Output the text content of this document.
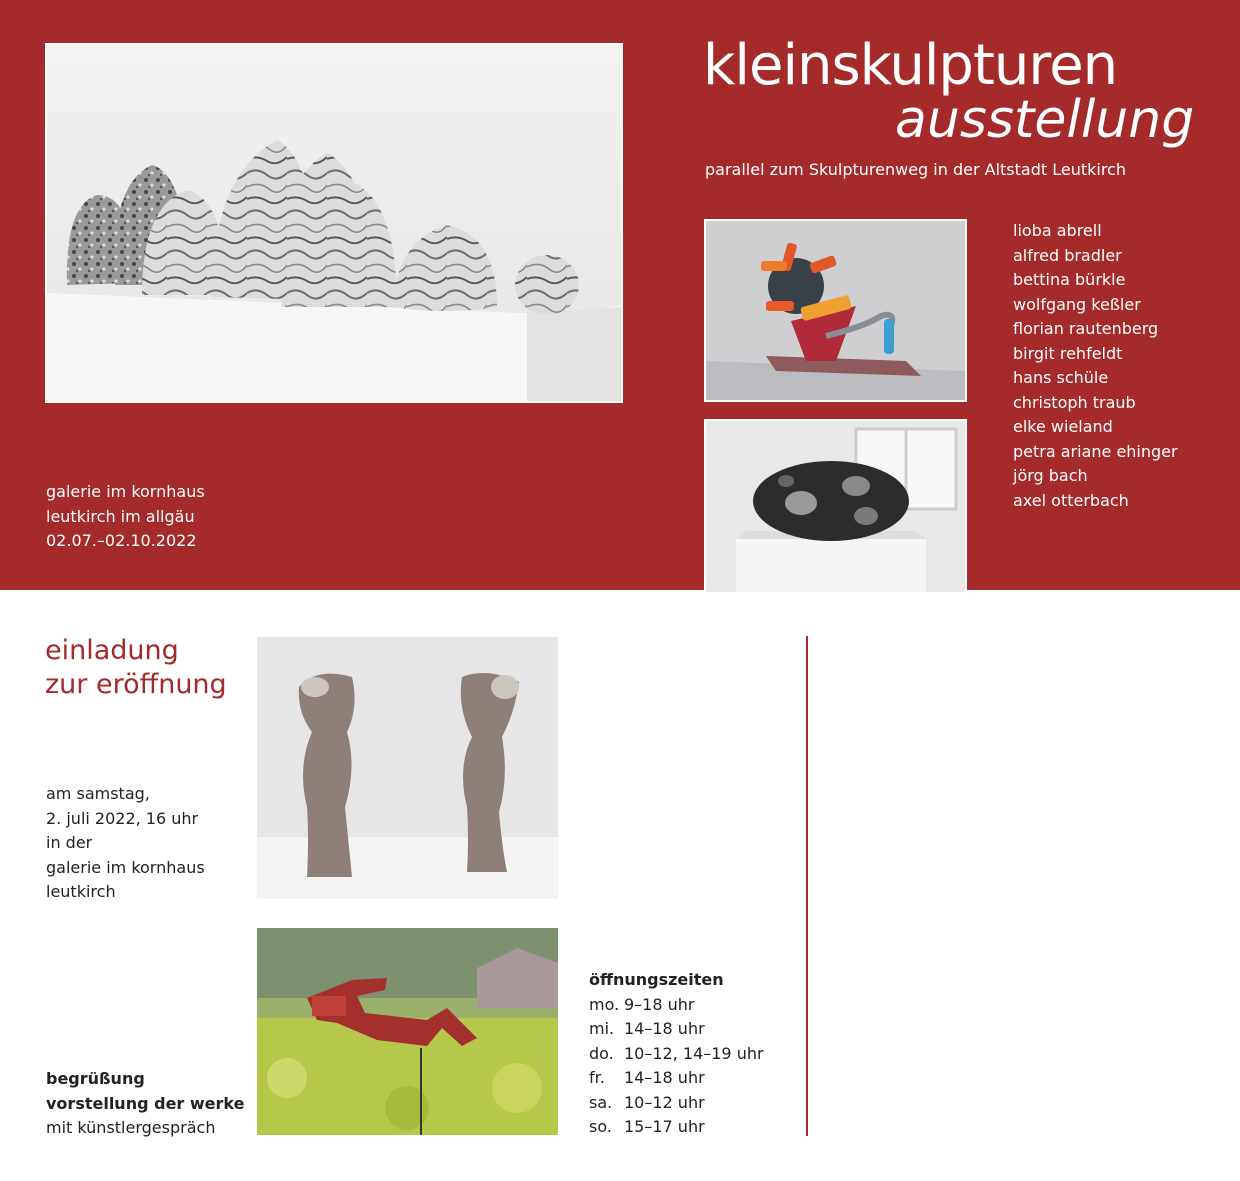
kleinskulpturen
ausstellung
parallel zum Skulpturenweg in der Altstadt Leutkirch
lioba abrell
alfred bradler
bettina bürkle
wolfgang keßler
florian rautenberg
birgit rehfeldt
hans schüle
christoph traub
elke wieland
petra ariane ehinger
jörg bach
axel otterbach
galerie im kornhaus
leutkirch im allgäu
02.07.–02.10.2022
einladung
zur eröffnung
am samstag,
2. juli 2022, 16 uhr
in der
galerie im kornhaus
leutkirch
begrüßung
vorstellung der werke
mit künstlergespräch
öffnungszeiten
mo. 9–18 uhr
mi. 14–18 uhr
do. 10–12, 14–19 uhr
fr.	14–18 uhr
sa. 10–12 uhr
so. 15–17 uhr
